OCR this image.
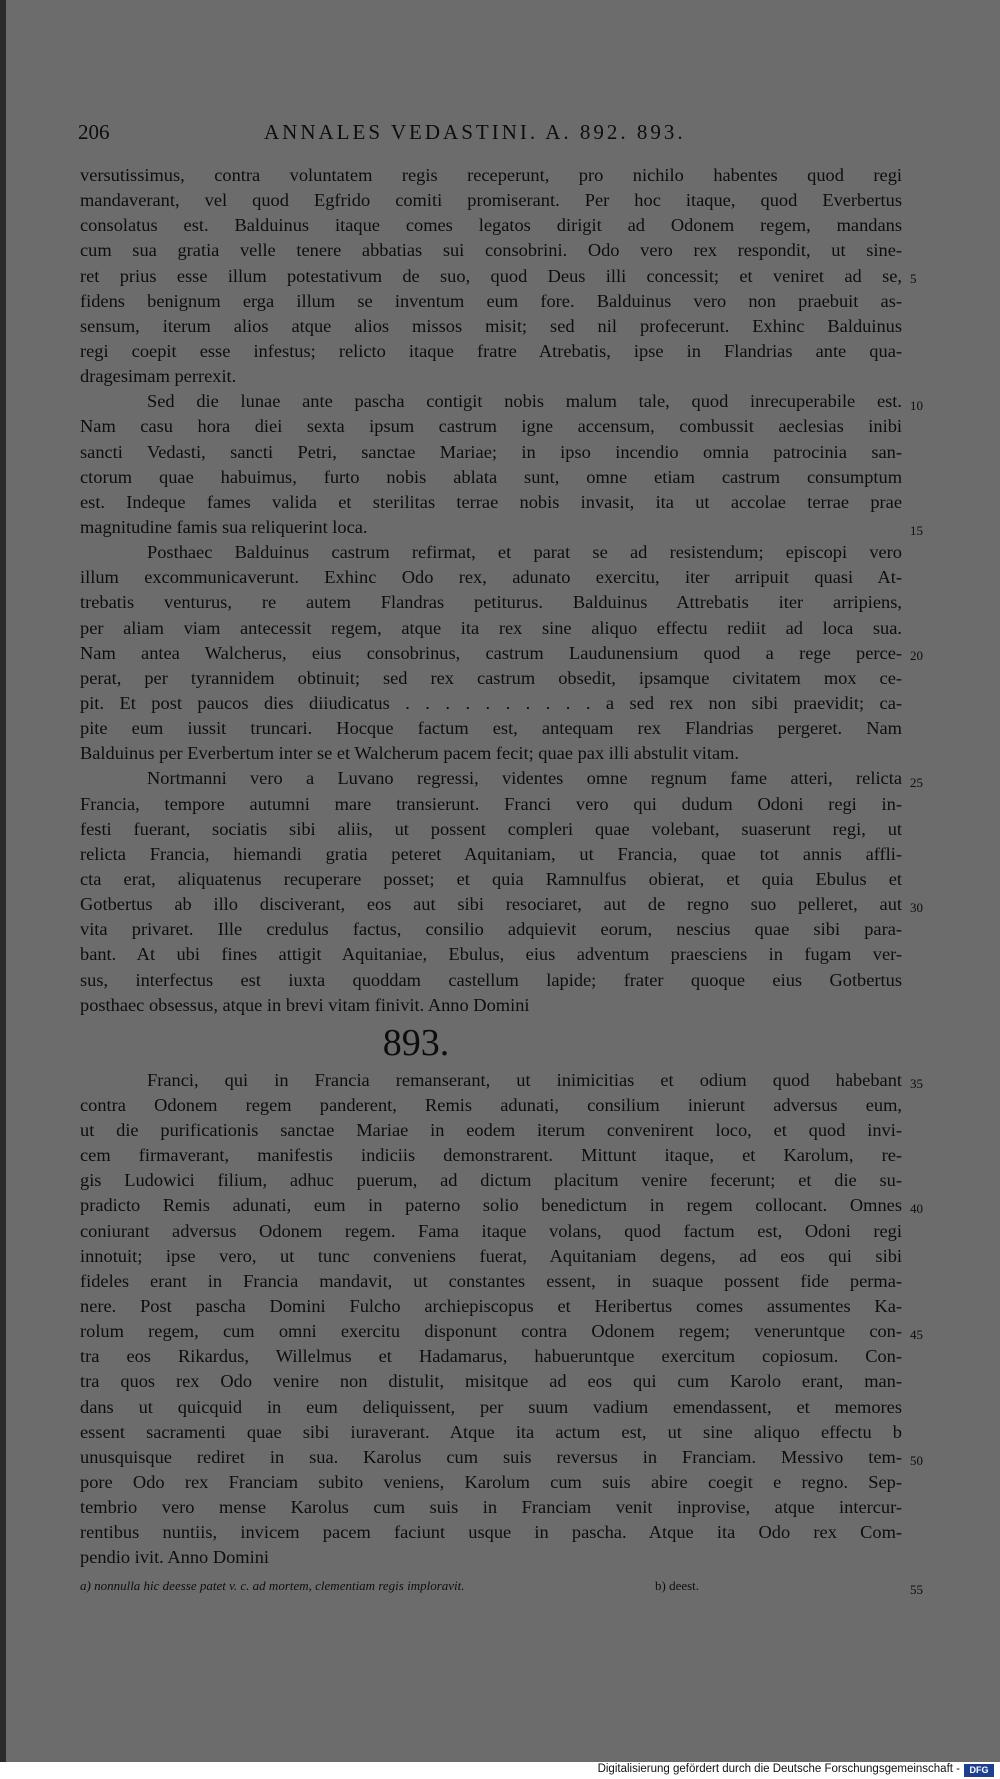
206	ANNALES VEDASTINI. A. 892. 893.
versutissimus, contra voluntatem regis receperunt, pro nichilo habentes quod regi
mandaverant, vel quod Egfrido comiti promiserant. Per hoc itaque, quod Everbertus
consolatus est. Balduinus itaque comes legatos dirigit ad Odonem regem, mandans
cum sua gratia velle tenere abbatias sui consobrini. Odo vero rex respondit, ut sine-
ret prius esse illum potestativum de suo, quod Deus illi concessit; et veniret ad se,
fidens benignum erga illum se inventum eum fore. Balduinus vero non praebuit as-
sensum, iterum alios atque alios missos misit; sed nil profecerunt. Exhinc Balduinus
regi coepit esse infestus; relicto itaque fratre Atrebatis, ipse in Flandrias ante qua-
dragesimam perrexit.
Sed die lunae ante pascha contigit nobis malum tale, quod inrecuperabile est.
Nam casu hora diei sexta ipsum castrum igne accensum, combussit aeclesias inibi
sancti Vedasti, sancti Petri, sanctae Mariae; in ipso incendio omnia patrocinia san-
ctorum quae habuimus, furto nobis ablata sunt, omne etiam castrum consumptum
est. Indeque fames valida et sterilitas terrae nobis invasit, ita ut accolae terrae prae
magnitudine famis sua reliquerint loca.
Posthaec Balduinus castrum refirmat, et parat se ad resistendum; episcopi vero
illum excommunicaverunt. Exhinc Odo rex, adunato exercitu, iter arripuit quasi At-
trebatis venturus, re autem Flandras petiturus. Balduinus Attrebatis iter arripiens,
per aliam viam antecessit regem, atque ita rex sine aliquo effectu rediit ad loca sua.
Nam antea Walcherus, eius consobrinus, castrum Laudunensium quod a rege perce-
perat, per tyrannidem obtinuit; sed rex castrum obsedit, ipsamque civitatem mox ce-
pit. Et post paucos dies diiudicatus . . . . . . . . . . a sed rex non sibi praevidit; ca-
pite eum iussit truncari. Hocque factum est, antequam rex Flandrias pergeret. Nam
Balduinus per Everbertum inter se et Walcherum pacem fecit; quae pax illi abstulit vitam.
Nortmanni vero a Luvano regressi, videntes omne regnum fame atteri, relicta
Francia, tempore autumni mare transierunt. Franci vero qui dudum Odoni regi in-
festi fuerant, sociatis sibi aliis, ut possent compleri quae volebant, suaserunt regi, ut
relicta Francia, hiemandi gratia peteret Aquitaniam, ut Francia, quae tot annis affli-
cta erat, aliquatenus recuperare posset; et quia Ramnulfus obierat, et quia Ebulus et
Gotbertus ab illo disciverant, eos aut sibi resociaret, aut de regno suo pelleret, aut
vita privaret. Ille credulus factus, consilio adquievit eorum, nescius quae sibi para-
bant. At ubi fines attigit Aquitaniae, Ebulus, eius adventum praesciens in fugam ver-
sus, interfectus est iuxta quoddam castellum lapide; frater quoque eius Gotbertus
posthaec obsessus, atque in brevi vitam finivit. Anno Domini
893.
Franci, qui in Francia remanserant, ut inimicitias et odium quod habebant
contra Odonem regem panderent, Remis adunati, consilium inierunt adversus eum,
ut die purificationis sanctae Mariae in eodem iterum convenirent loco, et quod invi-
cem firmaverant, manifestis indiciis demonstrarent. Mittunt itaque, et Karolum, re-
gis Ludowici filium, adhuc puerum, ad dictum placitum venire fecerunt; et die su-
pradicto Remis adunati, eum in paterno solio benedictum in regem collocant. Omnes
coniurant adversus Odonem regem. Fama itaque volans, quod factum est, Odoni regi
innotuit; ipse vero, ut tunc conveniens fuerat, Aquitaniam degens, ad eos qui sibi
fideles erant in Francia mandavit, ut constantes essent, in suaque possent fide perma-
nere. Post pascha Domini Fulcho archiepiscopus et Heribertus comes assumentes Ka-
rolum regem, cum omni exercitu disponunt contra Odonem regem; veneruntque con-
tra eos Rikardus, Willelmus et Hadamarus, habueruntque exercitum copiosum. Con-
tra quos rex Odo venire non distulit, misitque ad eos qui cum Karolo erant, man-
dans ut quicquid in eum deliquissent, per suum vadium emendassent, et memores
essent sacramenti quae sibi iuraverant. Atque ita actum est, ut sine aliquo effectu b
unusquisque rediret in sua. Karolus cum suis reversus in Franciam. Messivo tem-
pore Odo rex Franciam subito veniens, Karolum cum suis abire coegit e regno. Sep-
tembrio vero mense Karolus cum suis in Franciam venit inprovise, atque intercur-
rentibus nuntiis, invicem pacem faciunt usque in pascha. Atque ita Odo rex Com-
pendio ivit. Anno Domini
5
10
15
20
25
30
35
40
45
50
55
a) nonnulla hic deesse patet v. c. ad mortem, clementiam regis imploravit.	b) deest.
Digitalisierung gefördert durch die Deutsche Forschungsgemeinschaft -	DFG
